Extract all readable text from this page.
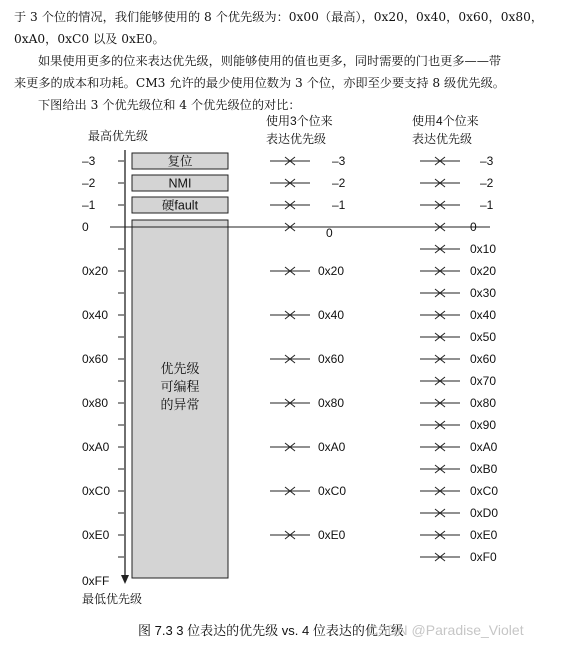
于 3 个位的情况，我们能够使用的 8 个优先级为：0x00（最高），0x20，0x40，0x60，0x80，
0xA0，0xC0 以及 0xE0。
如果使用更多的位来表达优先级，则能够使用的值也更多，同时需要的门也更多——带
来更多的成本和功耗。CM3 允许的最少使用位数为 3 个位，亦即至少要支持 8 级优先级。
下图给出 3 个优先级位和 4 个优先级位的对比：
最高优先级
最低优先级
使用3个位来
表达优先级
使用4个位来
表达优先级
–3
–2
–1
0
0x20
0x40
0x60
0x80
0xA0
0xC0
0xE0
0xFF
复位
NMI
硬fault
优先级
可编程
的异常
–3
–2
–1
0
0x20
0x40
0x60
0x80
0xA0
0xC0
0xE0
–3
–2
–1
0
0x10
0x20
0x30
0x40
0x50
0x60
0x70
0x80
0x90
0xA0
0xB0
0xC0
0xD0
0xE0
0xF0
图 7.3 3 位表达的优先级 vs. 4 位表达的优先级
CSDN @Paradise_Violet
